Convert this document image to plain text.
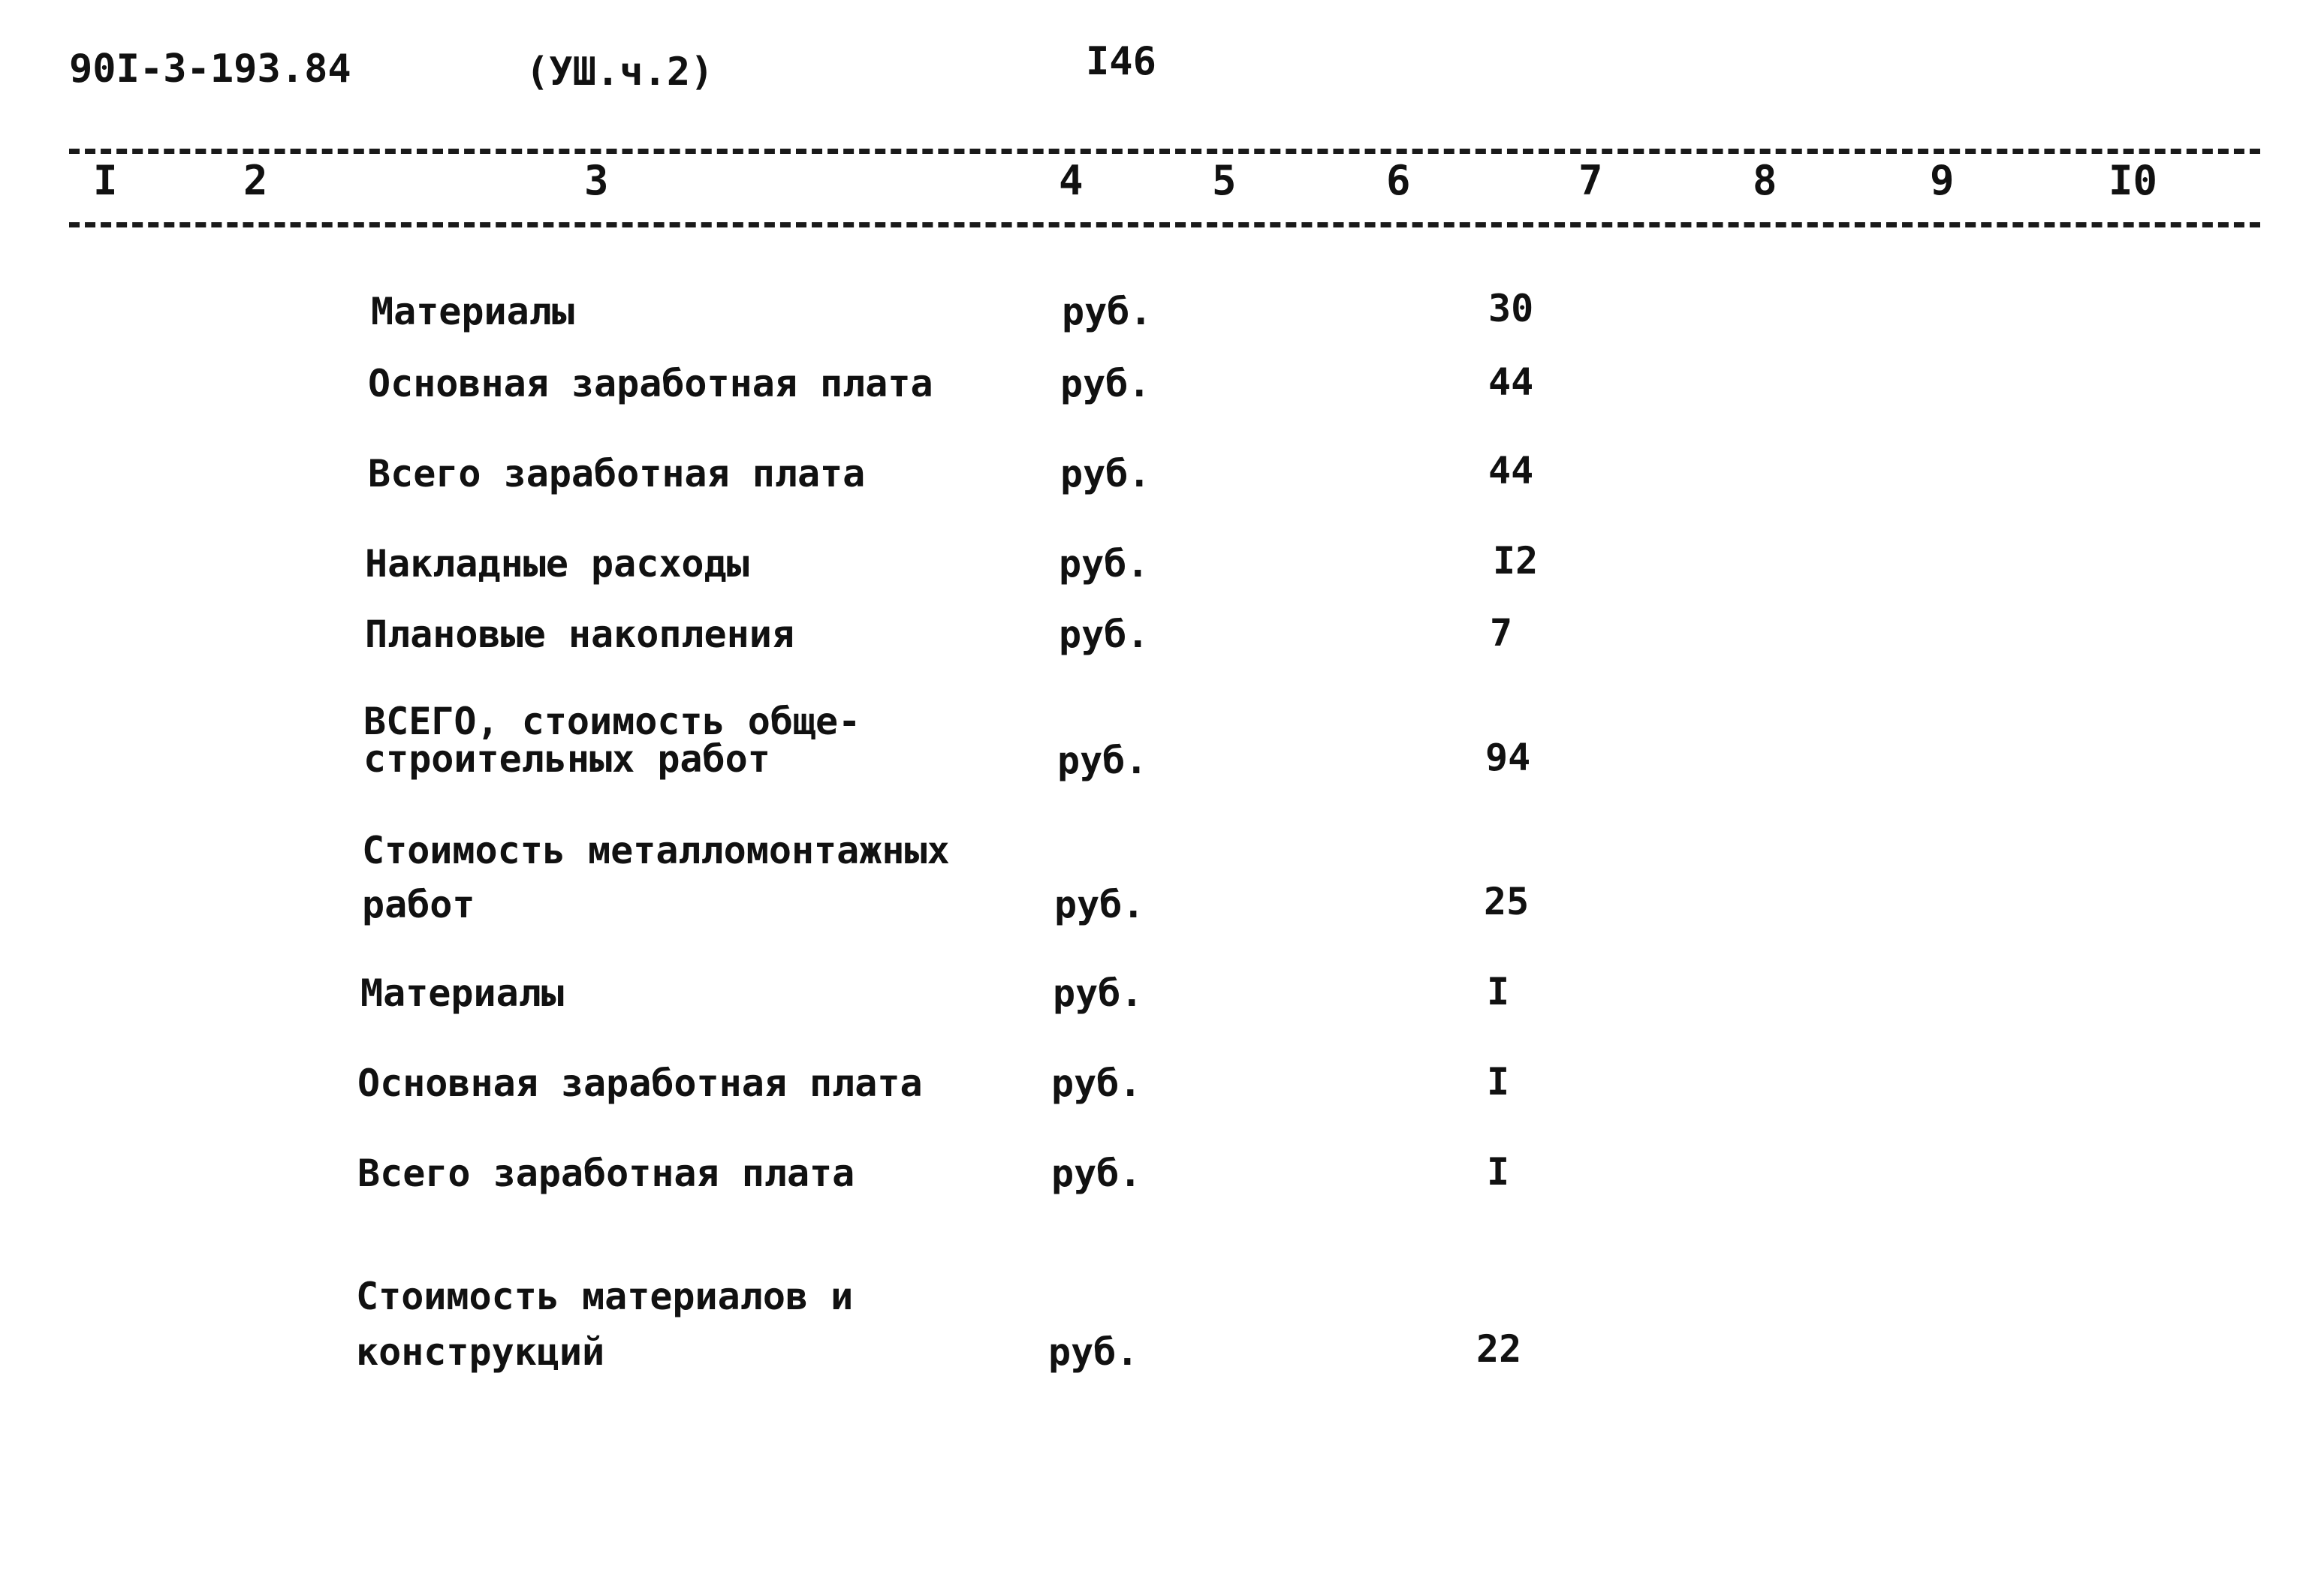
90I-3-193.84	(УШ.ч.2)	I46
I	2	3	4	5	6	7	8	9	I0
Материалы	руб.	30
Основная заработная плата	руб.	44
Всего заработная плата	руб.	44
Накладные расходы	руб.	I2
Плановые накопления	руб.	7
ВСЕГО, стоимость обще-
строительных работ	руб.	94
Стоимость металломонтажных
работ	руб.	25
Материалы	руб.	I
Основная заработная плата	руб.	I
Всего заработная плата	руб.	I
Стоимость материалов и
конструкций	руб.	22
